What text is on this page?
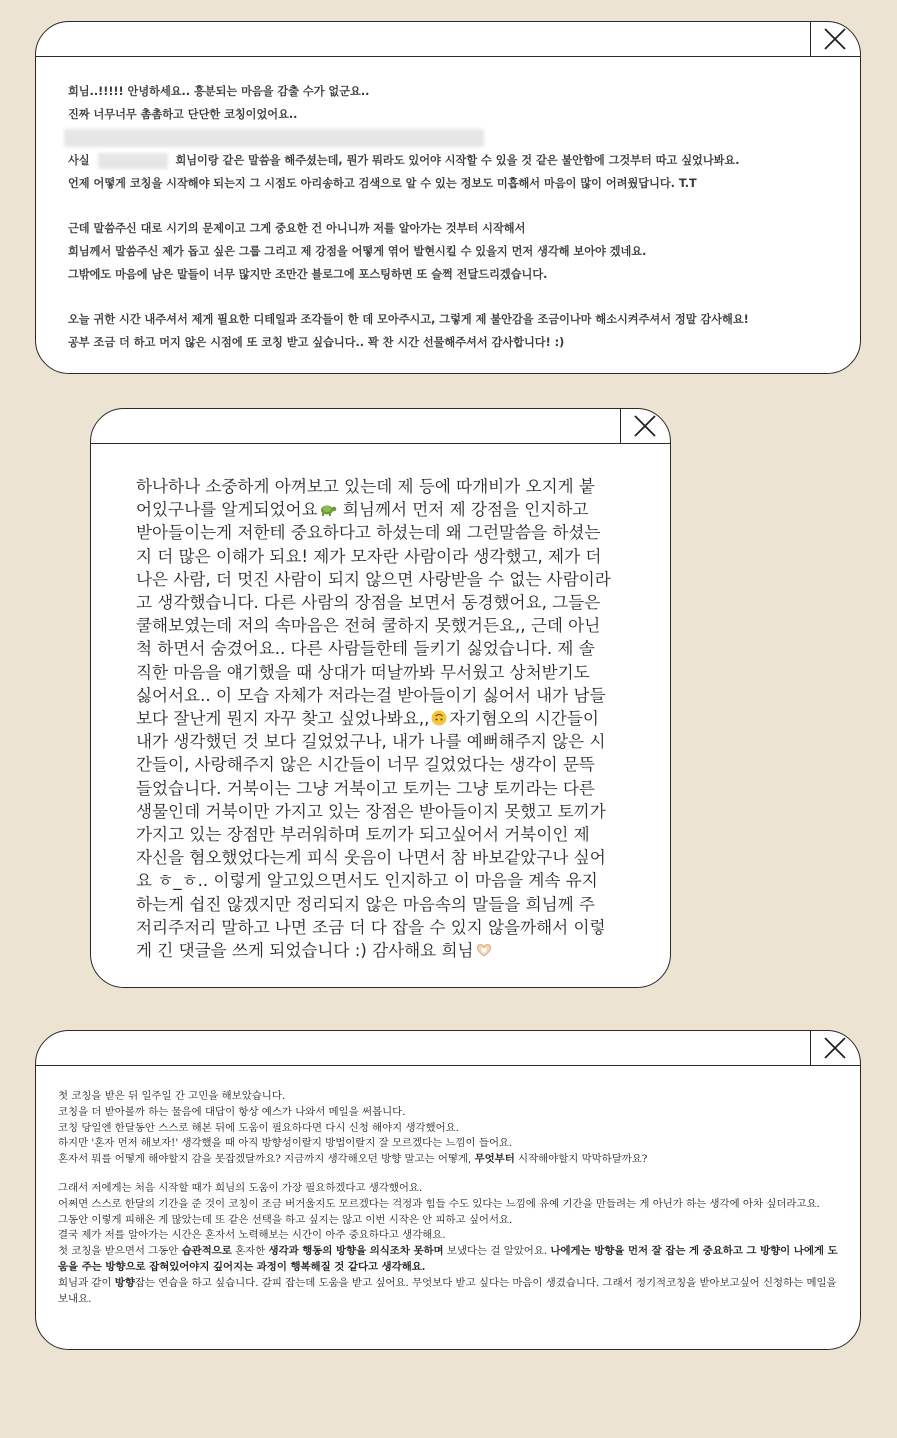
희님..!!!!! 안녕하세요.. 흥분되는 마음을 감출 수가 없군요..
진짜 너무너무 촘촘하고 단단한 코칭이었어요..
사실	희님이랑 같은 말씀을 해주셨는데, 뭔가 뭐라도 있어야 시작할 수 있을 것 같은 불안함에 그것부터 따고 싶었나봐요.
언제 어떻게 코칭을 시작해야 되는지 그 시점도 아리송하고 검색으로 알 수 있는 정보도 미흡해서 마음이 많이 어려웠답니다. T.T
근데 말씀주신 대로 시기의 문제이고 그게 중요한 건 아니니까 저를 알아가는 것부터 시작해서
희님께서 말씀주신 제가 돕고 싶은 그룹 그리고 제 강점을 어떻게 엮어 발현시킬 수 있을지 먼저 생각해 보아야 겠네요.
그밖에도 마음에 남은 말들이 너무 많지만 조만간 블로그에 포스팅하면 또 슬쩍 전달드리겠습니다.
오늘 귀한 시간 내주셔서 제게 필요한 디테일과 조각들이 한 데 모아주시고, 그렇게 제 불안감을 조금이나마 해소시켜주셔서 정말 감사해요!
공부 조금 더 하고 머지 않은 시점에 또 코칭 받고 싶습니다.. 꽉 찬 시간 선물해주셔서 감사합니다! :)
하나하나 소중하게 아껴보고 있는데 제 등에 따개비가 오지게 붙
어있구나를 알게되었어요 희님께서 먼저 제 강점을 인지하고
받아들이는게 저한테 중요하다고 하셨는데 왜 그런말씀을 하셨는
지 더 많은 이해가 되요! 제가 모자란 사람이라 생각했고, 제가 더
나은 사람, 더 멋진 사람이 되지 않으면 사랑받을 수 없는 사람이라
고 생각했습니다. 다른 사람의 장점을 보면서 동경했어요, 그들은
쿨해보였는데 저의 속마음은 전혀 쿨하지 못했거든요,, 근데 아닌
척 하면서 숨겼어요.. 다른 사람들한테 들키기 싫었습니다. 제 솔
직한 마음을 얘기했을 때 상대가 떠날까봐 무서웠고 상처받기도
싫어서요.. 이 모습 자체가 저라는걸 받아들이기 싫어서 내가 남들
보다 잘난게 뭔지 자꾸 찾고 싶었나봐요,, 자기혐오의 시간들이
내가 생각했던 것 보다 길었었구나, 내가 나를 예뻐해주지 않은 시
간들이, 사랑해주지 않은 시간들이 너무 길었었다는 생각이 문뜩
들었습니다. 거북이는 그냥 거북이고 토끼는 그냥 토끼라는 다른
생물인데 거북이만 가지고 있는 장점은 받아들이지 못했고 토끼가
가지고 있는 장점만 부러워하며 토끼가 되고싶어서 거북이인 제
자신을 혐오했었다는게 피식 웃음이 나면서 참 바보같았구나 싶어
요 ㅎ_ㅎ.. 이렇게 알고있으면서도 인지하고 이 마음을 계속 유지
하는게 쉽진 않겠지만 정리되지 않은 마음속의 말들을 희님께 주
저리주저리 말하고 나면 조금 더 다 잡을 수 있지 않을까해서 이렇
게 긴 댓글을 쓰게 되었습니다 :) 감사해요 희님
첫 코칭을 받은 뒤 일주일 간 고민을 해보았습니다.
코칭을 더 받아볼까 하는 물음에 대답이 항상 예스가 나와서 메일을 써봅니다.
코칭 당일엔 한달동안 스스로 해본 뒤에 도움이 필요하다면 다시 신청 해야지 생각했어요.
하지만 '혼자 먼저 해보자!' 생각했을 때 아직 방향성이랄지 방법이랄지 잘 모르겠다는 느낌이 들어요.
혼자서 뭐를 어떻게 해야할지 감을 못잡겠달까요? 지금까지 생각해오던 방향 말고는 어떻게, 무엇부터 시작해야할지 막막하달까요?
그래서 저에게는 처음 시작할 때가 희님의 도움이 가장 필요하겠다고 생각했어요.
어쩌면 스스로 한달의 기간을 준 것이 코칭이 조금 버거울지도 모르겠다는 걱정과 힘들 수도 있다는 느낌에 유예 기간을 만들려는 게 아닌가 하는 생각에 아차 싶더라고요.
그동안 이렇게 피해온 게 많았는데 또 같은 선택을 하고 싶지는 않고 이번 시작은 안 피하고 싶어서요.
결국 제가 저를 알아가는 시간은 혼자서 노력해보는 시간이 아주 중요하다고 생각해요.
첫 코칭을 받으면서 그동안 습관적으로 혼자한 생각과 행동의 방향을 의식조차 못하며 보냈다는 걸 알았어요. 나에게는 방향을 먼저 잘 잡는 게 중요하고 그 방향이 나에게 도움을 주는 방향으로 잡혀있어야지 깊어지는 과정이 행복해질 것 같다고 생각해요.
희님과 같이 방향잡는 연습을 하고 싶습니다. 갈피 잡는데 도움을 받고 싶어요. 무엇보다 받고 싶다는 마음이 생겼습니다. 그래서 정기적코칭을 받아보고싶어 신청하는 메일을 보내요.
